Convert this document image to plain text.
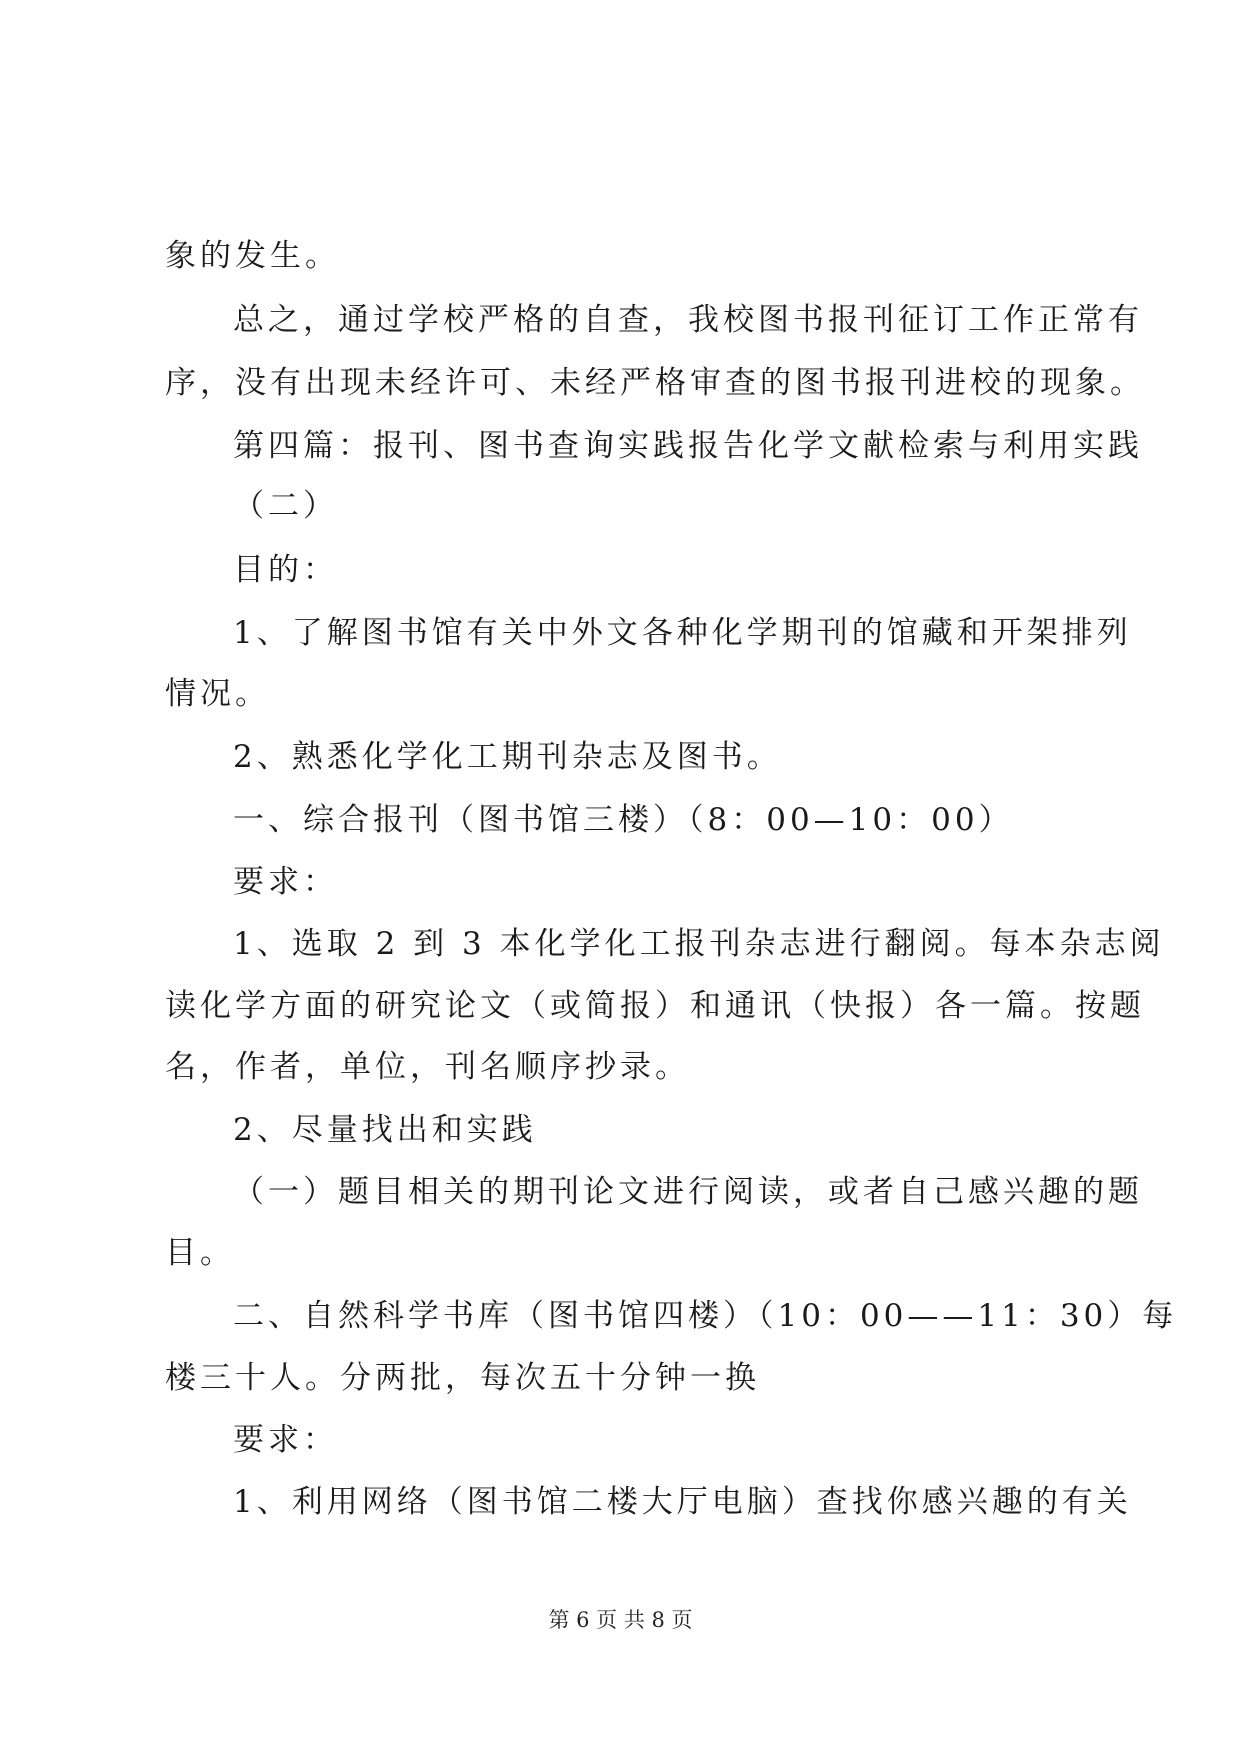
象的发生。
总之，通过学校严格的自查，我校图书报刊征订工作正常有
序，没有出现未经许可、未经严格审查的图书报刊进校的现象。
第四篇：报刊、图书查询实践报告化学文献检索与利用实践
（二）
目的：
1、了解图书馆有关中外文各种化学期刊的馆藏和开架排列
情况。
2、熟悉化学化工期刊杂志及图书。
一、综合报刊（图书馆三楼）（8：00—10：00）
要求：
1、选取 2 到 3 本化学化工报刊杂志进行翻阅。每本杂志阅
读化学方面的研究论文（或简报）和通讯（快报）各一篇。按题
名，作者，单位，刊名顺序抄录。
2、尽量找出和实践
（一）题目相关的期刊论文进行阅读，或者自己感兴趣的题
目。
二、自然科学书库（图书馆四楼）（10：00——11：30）每
楼三十人。分两批，每次五十分钟一换
要求：
1、利用网络（图书馆二楼大厅电脑）查找你感兴趣的有关
第 6 页 共 8 页
